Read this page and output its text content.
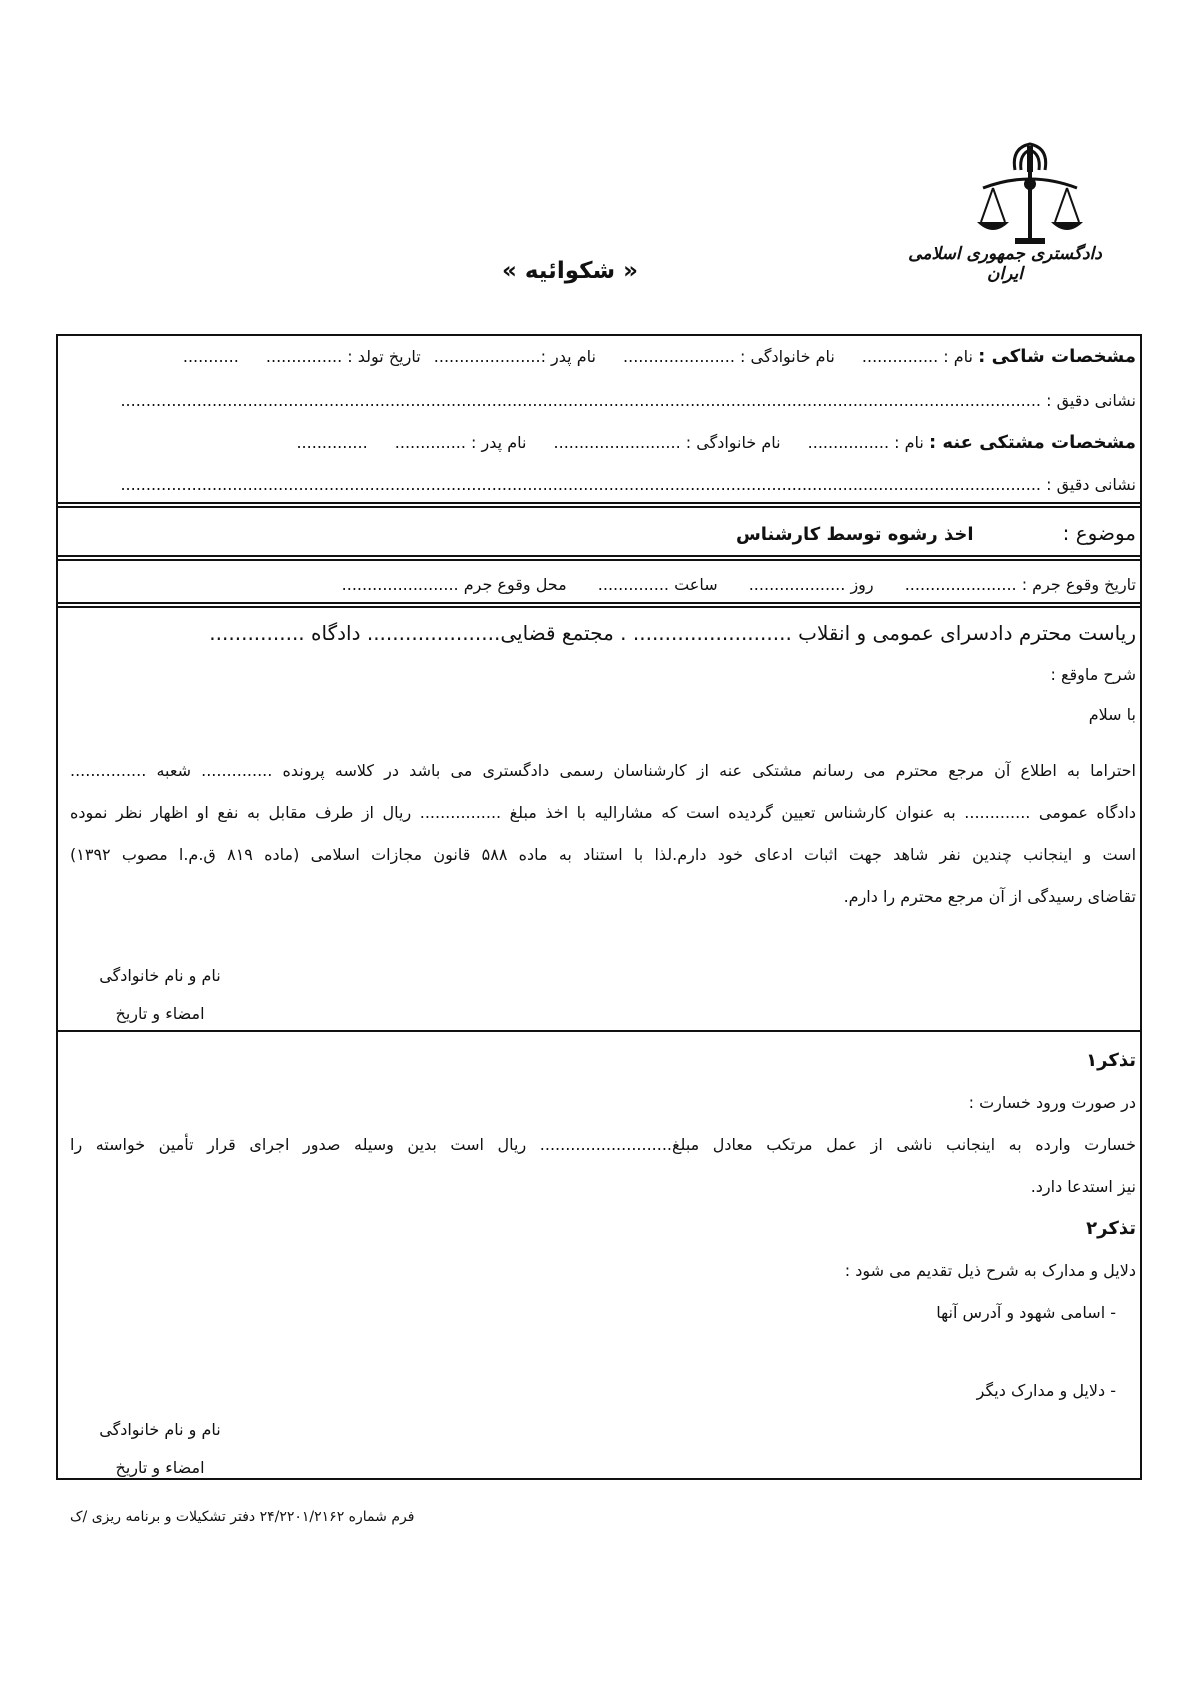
دادگستری جمهوری اسلامی ایران
« شکوائیه »
مشخصات شاکی : نام : ............... نام خانوادگی : ...................... نام پدر :..................... تاریخ تولد : ............... ...........
نشانی دقیق : .....................................................................................................................................................................................
مشخصات مشتکی عنه : نام : ................ نام خانوادگی : ......................... نام پدر : .............. ..............
نشانی دقیق : .....................................................................................................................................................................................
موضوع : اخذ رشوه توسط کارشناس
تاریخ وقوع جرم : ...................... روز ................... ساعت .............. محل وقوع جرم .......................
ریاست محترم دادسرای عمومی و انقلاب ......................... . مجتمع قضایی..................... دادگاه ...............
شرح ماوقع :
با سلام
احتراما به اطلاع آن مرجع محترم می رسانم مشتکی عنه از کارشناسان رسمی دادگستری می باشد در کلاسه پرونده .............. شعبه ...............
دادگاه عمومی ............. به عنوان کارشناس تعیین گردیده است که مشارالیه با اخذ مبلغ ................ ریال از طرف مقابل به نفع او اظهار نظر نموده
است و اینجانب چندین نفر شاهد جهت اثبات ادعای خود دارم.لذا با استناد به ماده ۵۸۸ قانون مجازات اسلامی (ماده ۸۱۹ ق.م.ا مصوب ۱۳۹۲)
تقاضای رسیدگی از آن مرجع محترم را دارم.
نام و نام خانوادگی
امضاء و تاریخ
تذکر۱
در صورت ورود خسارت :
خسارت وارده به اینجانب ناشی از عمل مرتکب معادل مبلغ.......................... ریال است بدین وسیله صدور اجرای قرار تأمین خواسته را
نیز استدعا دارد.
تذکر۲
دلایل و مدارک به شرح ذیل تقدیم می شود :
- اسامی شهود و آدرس آنها
- دلایل و مدارک دیگر
نام و نام خانوادگی
امضاء و تاریخ
فرم شماره ۲۴/۲۲۰۱/۲۱۶۲ دفتر تشکیلات و برنامه ریزی /ک
